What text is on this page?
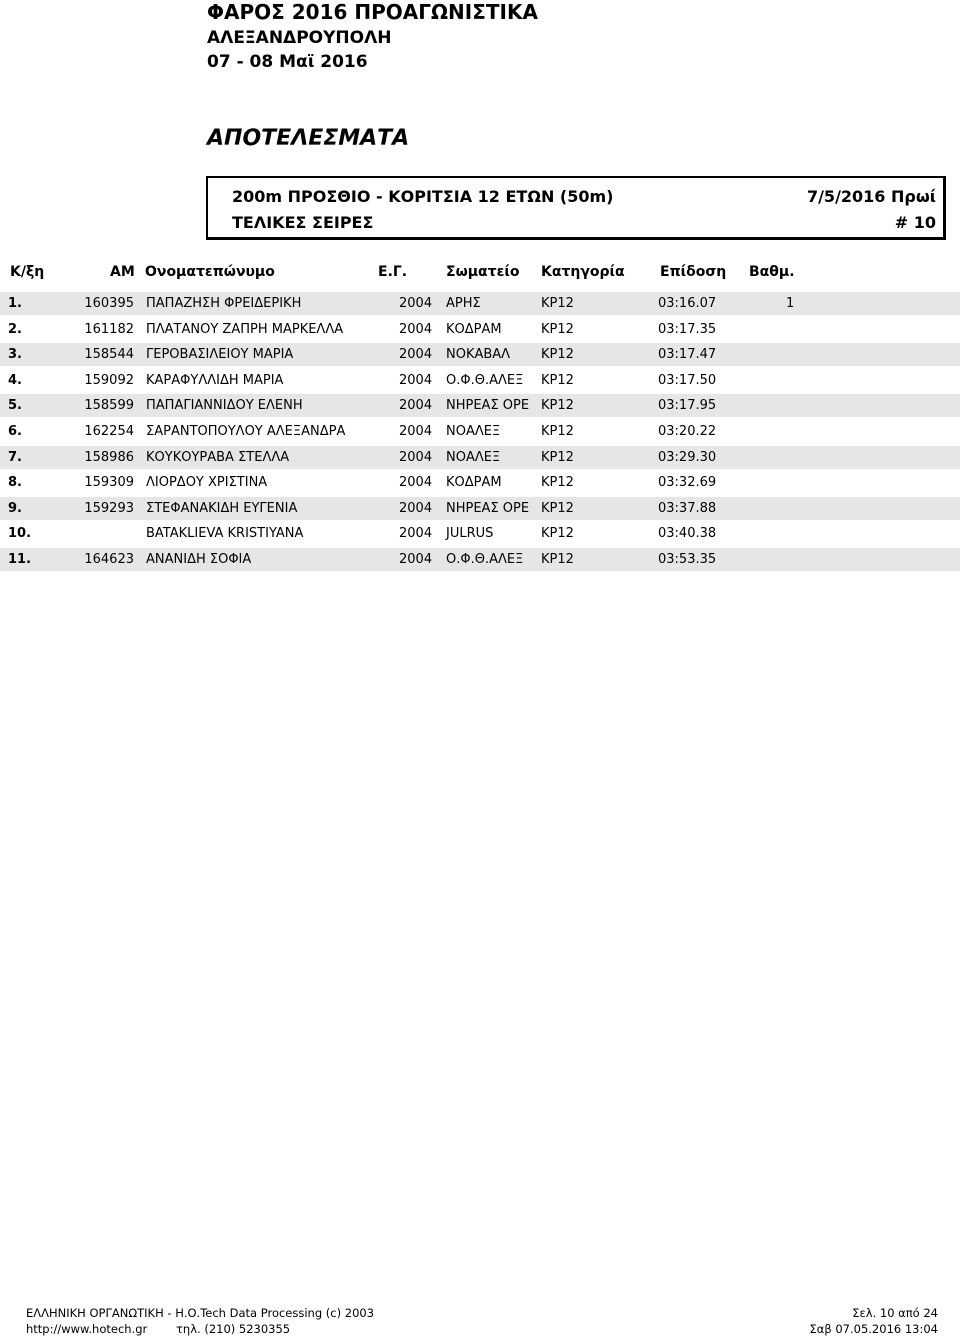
ΦΑΡΟΣ 2016 ΠΡΟΑΓΩΝΙΣΤΙΚΑ
ΑΛΕΞΑΝΔΡΟΥΠΟΛΗ
07 - 08 Μαϊ 2016
ΑΠΟΤΕΛΕΣΜΑΤΑ
200m ΠΡΟΣΘΙΟ - ΚΟΡΙΤΣΙΑ 12 ΕΤΩΝ (50m)	7/5/2016 Πρωί
ΤΕΛΙΚΕΣ ΣΕΙΡΕΣ	# 10
Κ/ξη	ΑΜ Ονοματεπώνυμο	Ε.Γ.	Σωματείο Κατηγορία	Επίδοση Βαθμ.
1.	160395 ΠΑΠΑΖΗΣΗ ΦΡΕΙΔΕΡΙΚΗ	2004 ΑΡΗΣ	ΚΡ12	03:16.07	1
2.	161182 ΠΛΑΤΑΝΟΥ ΖΑΠΡΗ ΜΑΡΚΕΛΛΑ	2004 ΚΟΔΡΑΜ	ΚΡ12	03:17.35
3.	158544 ΓΕΡΟΒΑΣΙΛΕΙΟΥ ΜΑΡΙΑ	2004 ΝΟΚΑΒΑΛ ΚΡ12	03:17.47
4.	159092 ΚΑΡΑΦΥΛΛΙΔΗ ΜΑΡΙΑ	2004 Ο.Φ.Θ.ΑΛΕΞ ΚΡ12	03:17.50
5.	158599 ΠΑΠΑΓΙΑΝΝΙΔΟΥ ΕΛΕΝΗ	2004 ΝΗΡΕΑΣ ΟΡΕ ΚΡ12	03:17.95
6.	162254 ΣΑΡΑΝΤΟΠΟΥΛΟΥ ΑΛΕΞΑΝΔΡΑ	2004 ΝΟΑΛΕΞ	ΚΡ12	03:20.22
7.	158986 ΚΟΥΚΟΥΡΑΒΑ ΣΤΕΛΛΑ	2004 ΝΟΑΛΕΞ	ΚΡ12	03:29.30
8.	159309 ΛΙΟΡΔΟΥ ΧΡΙΣΤΙΝΑ	2004 ΚΟΔΡΑΜ	ΚΡ12	03:32.69
9.	159293 ΣΤΕΦΑΝΑΚΙΔΗ ΕΥΓΕΝΙΑ	2004 ΝΗΡΕΑΣ ΟΡΕ ΚΡ12	03:37.88
10.	BATAKLIEVA KRISTIYANA	2004 JULRUS	ΚΡ12	03:40.38
11.	164623 ΑΝΑΝΙΔΗ ΣΟΦΙΑ	2004 Ο.Φ.Θ.ΑΛΕΞ ΚΡ12	03:53.35
ΕΛΛΗΝΙΚΗ ΟΡΓΑΝΩΤΙΚΗ - Η.Ο.Tech Data Processing (c) 2003
http://www.hotech.gr	τηλ. (210) 5230355
Σελ. 10 από 24
Σαβ 07.05.2016 13:04
